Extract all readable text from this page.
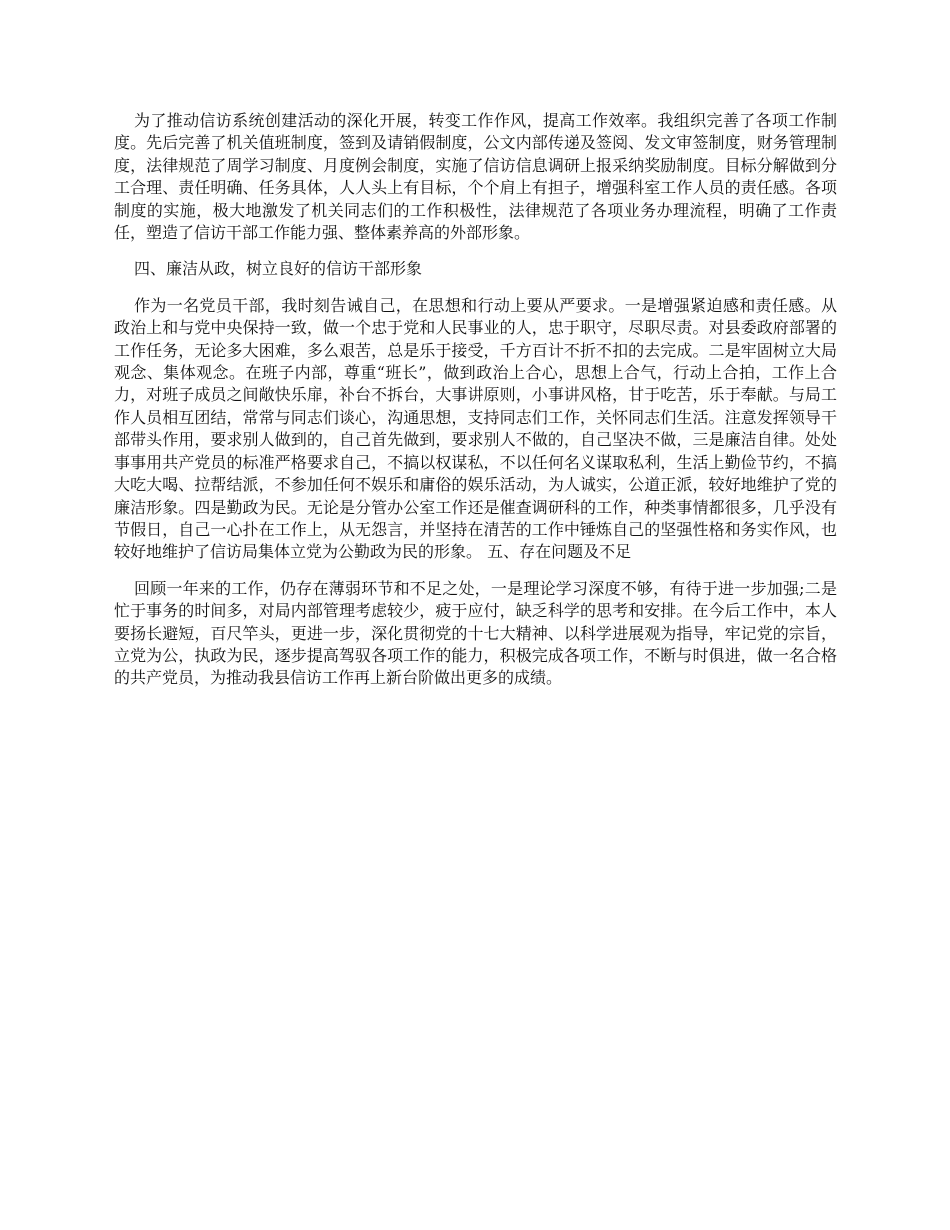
为了推动信访系统创建活动的深化开展，转变工作作风，提高工作效率。我组织完善了各项工作制度。先后完善了机关值班制度，签到及请销假制度，公文内部传递及签阅、发文审签制度，财务管理制度，法律规范了周学习制度、月度例会制度，实施了信访信息调研上报采纳奖励制度。目标分解做到分工合理、责任明确、任务具体，人人头上有目标，个个肩上有担子，增强科室工作人员的责任感。各项制度的实施，极大地激发了机关同志们的工作积极性，法律规范了各项业务办理流程，明确了工作责任，塑造了信访干部工作能力强、整体素养高的外部形象。

四、廉洁从政，树立良好的信访干部形象

作为一名党员干部，我时刻告诫自己，在思想和行动上要从严要求。一是增强紧迫感和责任感。从政治上和与党中央保持一致，做一个忠于党和人民事业的人，忠于职守，尽职尽责。对县委政府部署的工作任务，无论多大困难，多么艰苦，总是乐于接受，千方百计不折不扣的去完成。二是牢固树立大局观念、集体观念。在班子内部，尊重“班长”，做到政治上合心，思想上合气，行动上合拍，工作上合力，对班子成员之间敞快乐扉，补台不拆台，大事讲原则，小事讲风格，甘于吃苦，乐于奉献。与局工作人员相互团结，常常与同志们谈心，沟通思想，支持同志们工作，关怀同志们生活。注意发挥领导干部带头作用，要求别人做到的，自己首先做到，要求别人不做的，自己坚决不做，三是廉洁自律。处处事事用共产党员的标准严格要求自己，不搞以权谋私，不以任何名义谋取私利，生活上勤俭节约，不搞大吃大喝、拉帮结派，不参加任何不娱乐和庸俗的娱乐活动，为人诚实，公道正派，较好地维护了党的廉洁形象。四是勤政为民。无论是分管办公室工作还是催查调研科的工作，种类事情都很多，几乎没有节假日，自己一心扑在工作上，从无怨言，并坚持在清苦的工作中锤炼自己的坚强性格和务实作风，也较好地维护了信访局集体立党为公勤政为民的形象。 五、存在问题及不足

回顾一年来的工作，仍存在薄弱环节和不足之处，一是理论学习深度不够，有待于进一步加强;二是忙于事务的时间多，对局内部管理考虑较少，疲于应付，缺乏科学的思考和安排。在今后工作中，本人要扬长避短，百尺竿头，更进一步，深化贯彻党的十七大精神、以科学进展观为指导，牢记党的宗旨，立党为公，执政为民，逐步提高驾驭各项工作的能力，积极完成各项工作，不断与时俱进，做一名合格的共产党员，为推动我县信访工作再上新台阶做出更多的成绩。
